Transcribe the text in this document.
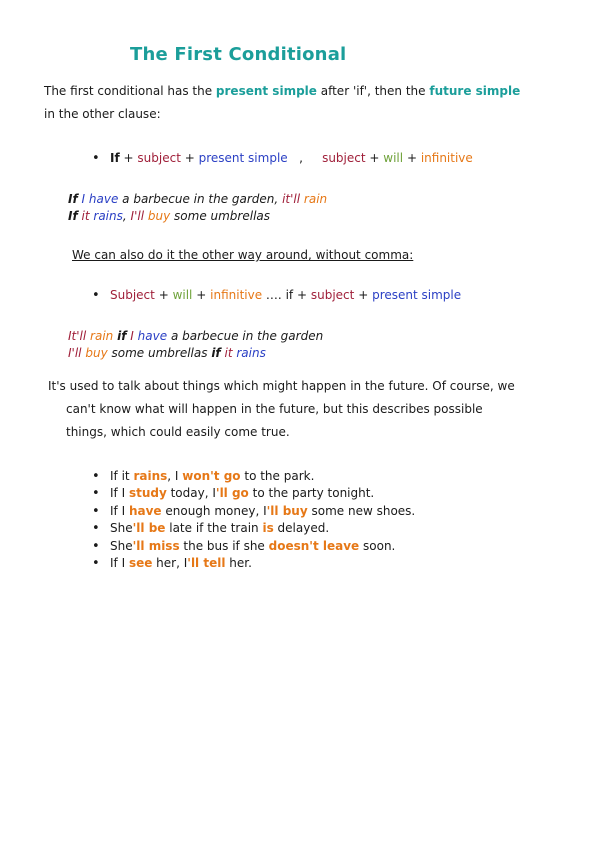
The First Conditional
The first conditional has the present simple after 'if', then the future simple
in the other clause:
• If + subject + present simple , subject + will + infinitive
If I have a barbecue in the garden, it'll rain
If it rains, I'll buy some umbrellas
We can also do it the other way around, without comma:
• Subject + will + infinitive …. if + subject + present simple
It'll rain if I have a barbecue in the garden
I'll buy some umbrellas if it rains
It's used to talk about things which might happen in the future. Of course, we
can't know what will happen in the future, but this describes possible
things, which could easily come true.
• If it rains, I won't go to the park.
• If I study today, I'll go to the party tonight.
• If I have enough money, I'll buy some new shoes.
• She'll be late if the train is delayed.
• She'll miss the bus if she doesn't leave soon.
• If I see her, I'll tell her.
